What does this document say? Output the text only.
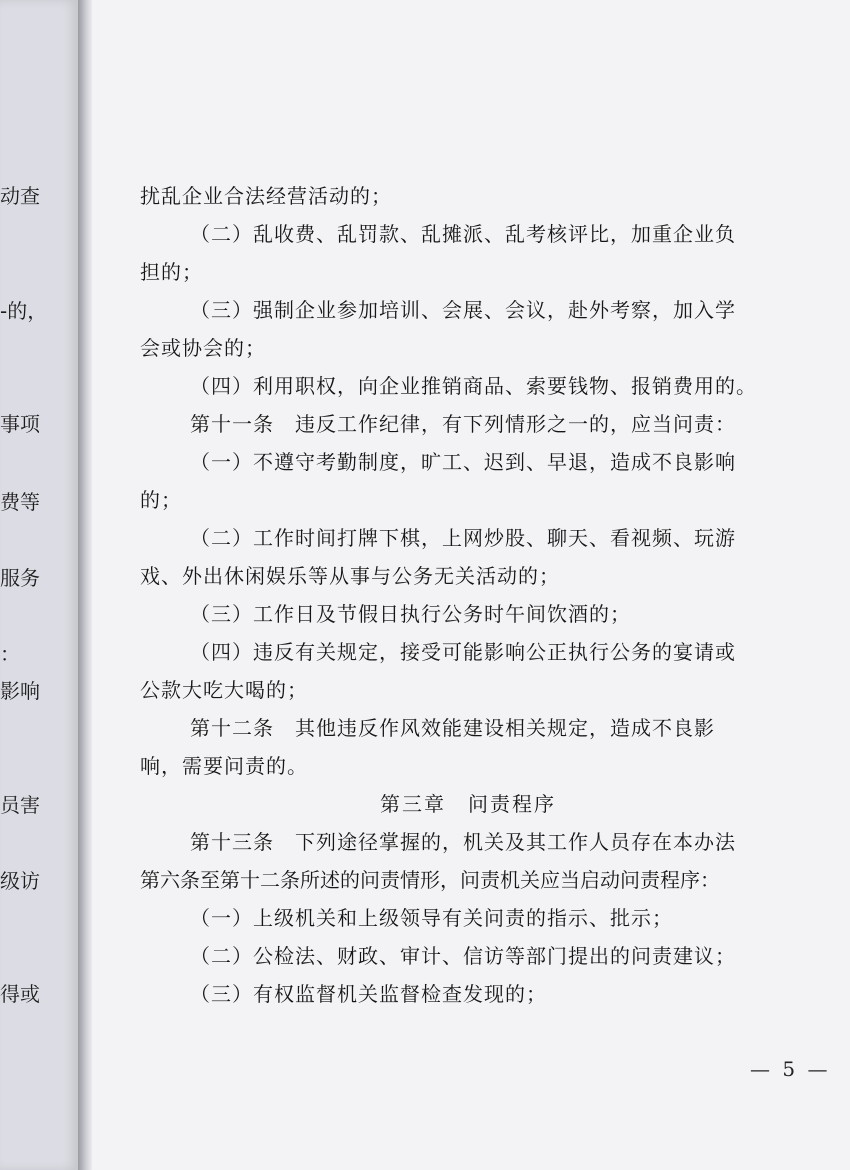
动查
-的，
事项
费等
服务
：
影响
员害
级访
得或
扰乱企业合法经营活动的；
（二）乱收费、乱罚款、乱摊派、乱考核评比，加重企业负
担的；
（三）强制企业参加培训、会展、会议，赴外考察，加入学
会或协会的；
（四）利用职权，向企业推销商品、索要钱物、报销费用的。
第十一条　违反工作纪律，有下列情形之一的，应当问责：
（一）不遵守考勤制度，旷工、迟到、早退，造成不良影响
的；
（二）工作时间打牌下棋，上网炒股、聊天、看视频、玩游
戏、外出休闲娱乐等从事与公务无关活动的；
（三）工作日及节假日执行公务时午间饮酒的；
（四）违反有关规定，接受可能影响公正执行公务的宴请或
公款大吃大喝的；
第十二条　其他违反作风效能建设相关规定，造成不良影
响，需要问责的。
第三章　问责程序
第十三条　下列途径掌握的，机关及其工作人员存在本办法
第六条至第十二条所述的问责情形，问责机关应当启动问责程序：
（一）上级机关和上级领导有关问责的指示、批示；
（二）公检法、财政、审计、信访等部门提出的问责建议；
（三）有权监督机关监督检查发现的；
— 5 —
